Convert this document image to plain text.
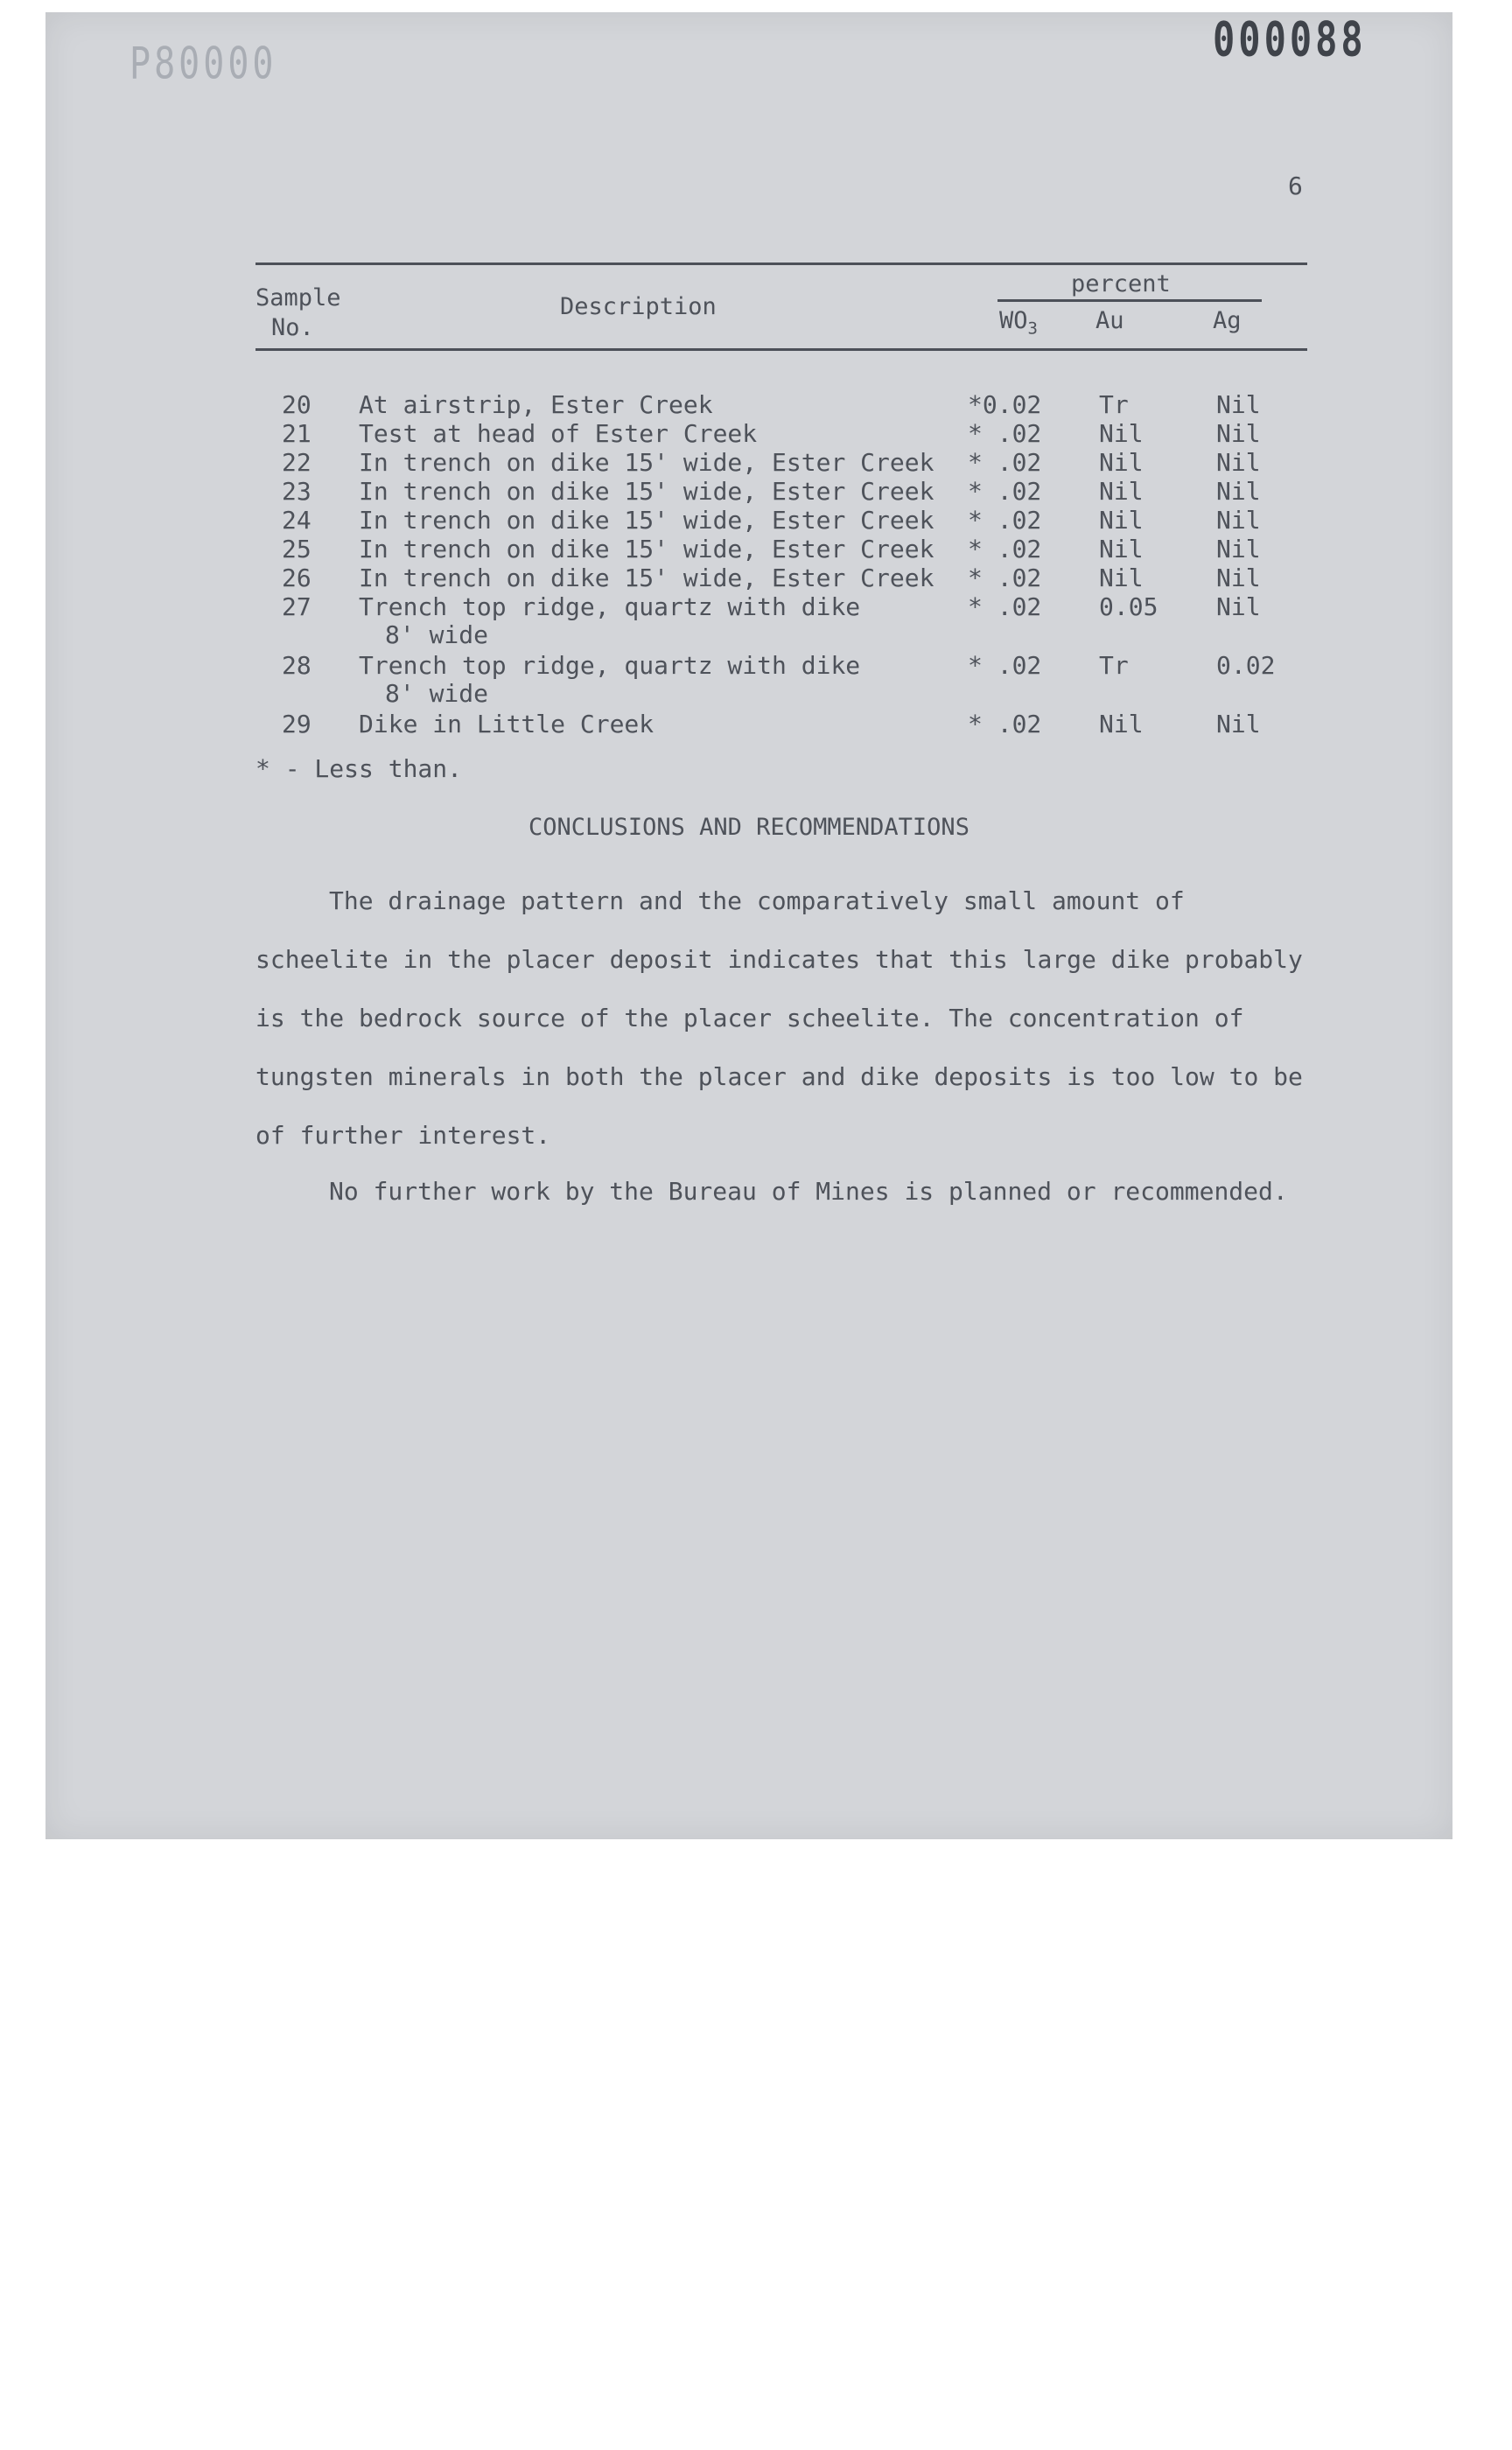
P80000	000088
6
Sample
No.
Description
percent
$WO_3$ Au	Ag
20 At airstrip, Ester Creek	*0.02 Tr	Nil
21 Test at head of Ester Creek	* .02 Nil	Nil
22 In trench on dike 15' wide, Ester Creek * .02 Nil	Nil
23 In trench on dike 15' wide, Ester Creek * .02 Nil	Nil
24 In trench on dike 15' wide, Ester Creek * .02 Nil	Nil
25 In trench on dike 15' wide, Ester Creek * .02 Nil	Nil
26 In trench on dike 15' wide, Ester Creek * .02 Nil	Nil
27 Trench top ridge, quartz with dike
8' wide
* .02 0.05 Nil
28 Trench top ridge, quartz with dike
8' wide
* .02 Tr	0.02
29 Dike in Little Creek	* .02 Nil	Nil
* - Less than.
CONCLUSIONS AND RECOMMENDATIONS

The drainage pattern and the comparatively small amount of scheelite in the placer deposit indicates that this large dike probably is the bedrock source of the placer scheelite. The concentration of tungsten minerals in both the placer and dike deposits is too low to be of further interest.

No further work by the Bureau of Mines is planned or recommended.
